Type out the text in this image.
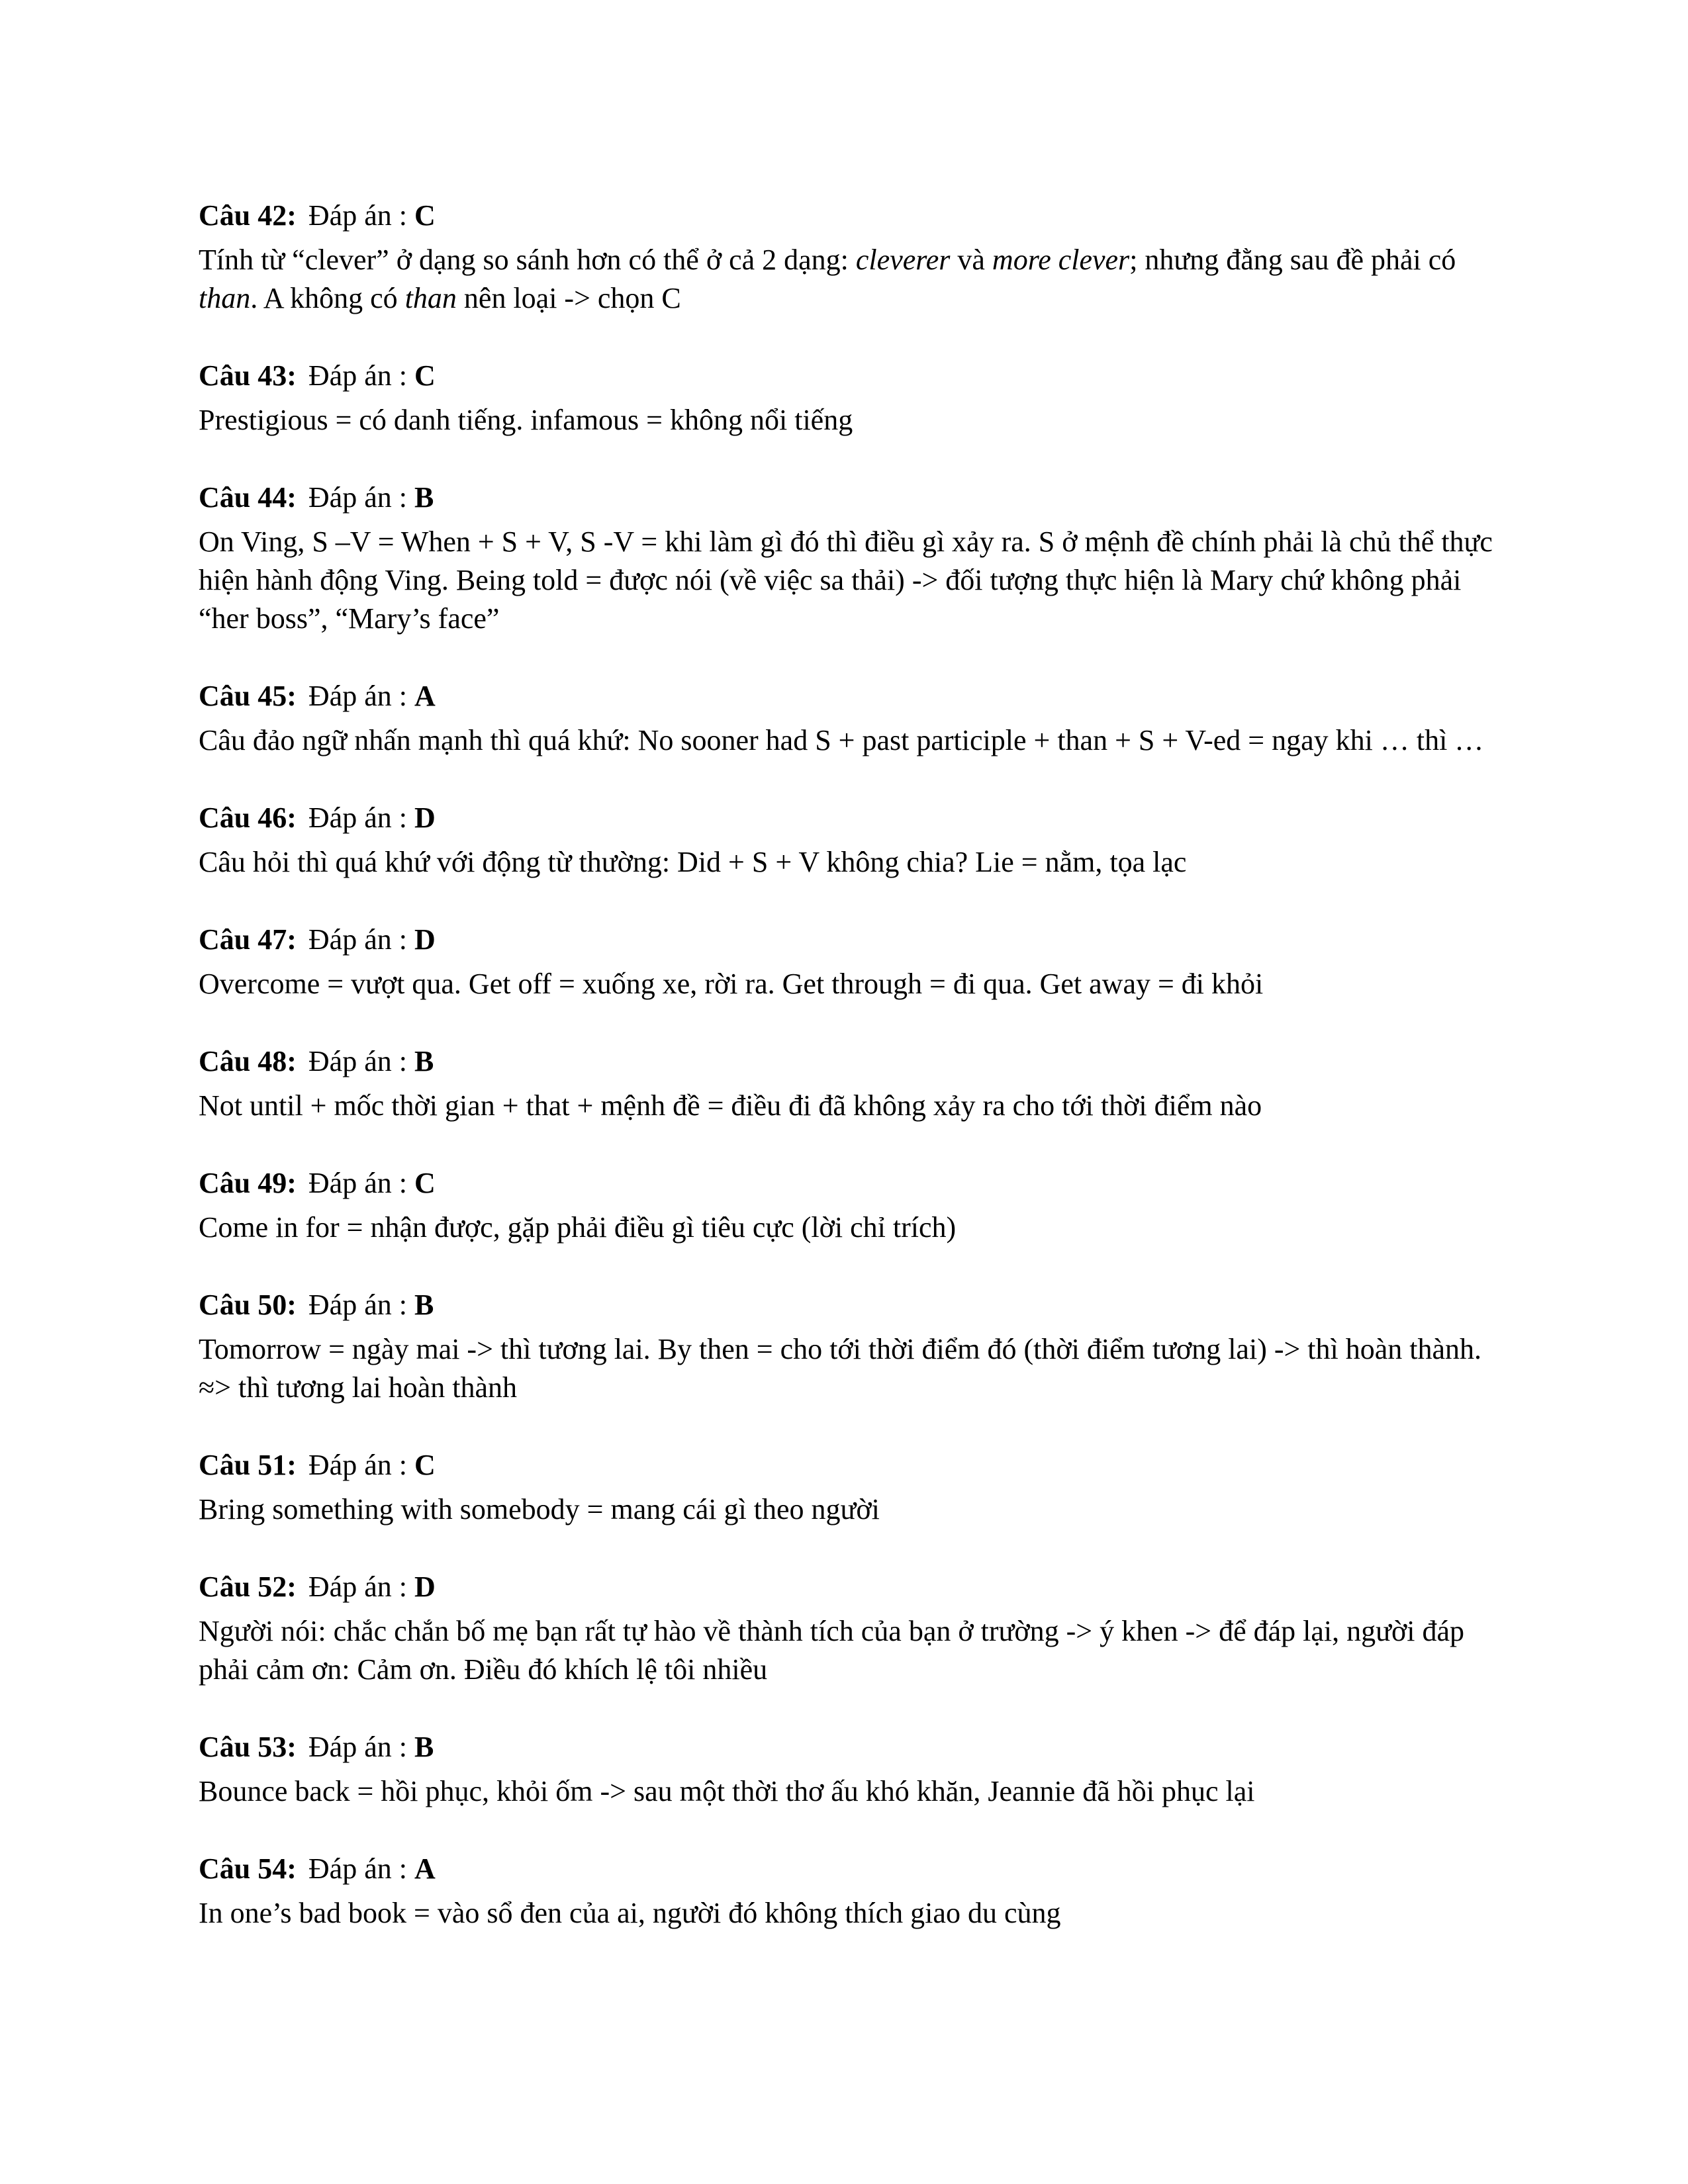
Câu 42: Đáp án : C
Tính từ “clever” ở dạng so sánh hơn có thể ở cả 2 dạng: cleverer và more clever; nhưng đằng sau đề phải có than. A không có than nên loại -> chọn C
Câu 43: Đáp án : C
Prestigious = có danh tiếng. infamous = không nổi tiếng
Câu 44: Đáp án : B
On Ving, S –V = When + S + V, S -V = khi làm gì đó thì điều gì xảy ra. S ở mệnh đề chính phải là chủ thể thực hiện hành động Ving. Being told = được nói (về việc sa thải) -> đối tượng thực hiện là Mary chứ không phải “her boss”, “Mary’s face”
Câu 45: Đáp án : A
Câu đảo ngữ nhấn mạnh thì quá khứ: No sooner had S + past participle + than + S + V-ed = ngay khi … thì …
Câu 46: Đáp án : D
Câu hỏi thì quá khứ với động từ thường: Did + S + V không chia? Lie = nằm, tọa lạc
Câu 47: Đáp án : D
Overcome = vượt qua. Get off = xuống xe, rời ra. Get through = đi qua. Get away = đi khỏi
Câu 48: Đáp án : B
Not until + mốc thời gian + that + mệnh đề = điều đi đã không xảy ra cho tới thời điểm nào
Câu 49: Đáp án : C
Come in for = nhận được, gặp phải điều gì tiêu cực (lời chỉ trích)
Câu 50: Đáp án : B
Tomorrow = ngày mai -> thì tương lai. By then = cho tới thời điểm đó (thời điểm tương lai) -> thì hoàn thành. ≈> thì tương lai hoàn thành
Câu 51: Đáp án : C
Bring something with somebody = mang cái gì theo người
Câu 52: Đáp án : D
Người nói: chắc chắn bố mẹ bạn rất tự hào về thành tích của bạn ở trường -> ý khen -> để đáp lại, người đáp phải cảm ơn: Cảm ơn. Điều đó khích lệ tôi nhiều
Câu 53: Đáp án : B
Bounce back = hồi phục, khỏi ốm -> sau một thời thơ ấu khó khăn, Jeannie đã hồi phục lại
Câu 54: Đáp án : A
In one’s bad book = vào sổ đen của ai, người đó không thích giao du cùng
